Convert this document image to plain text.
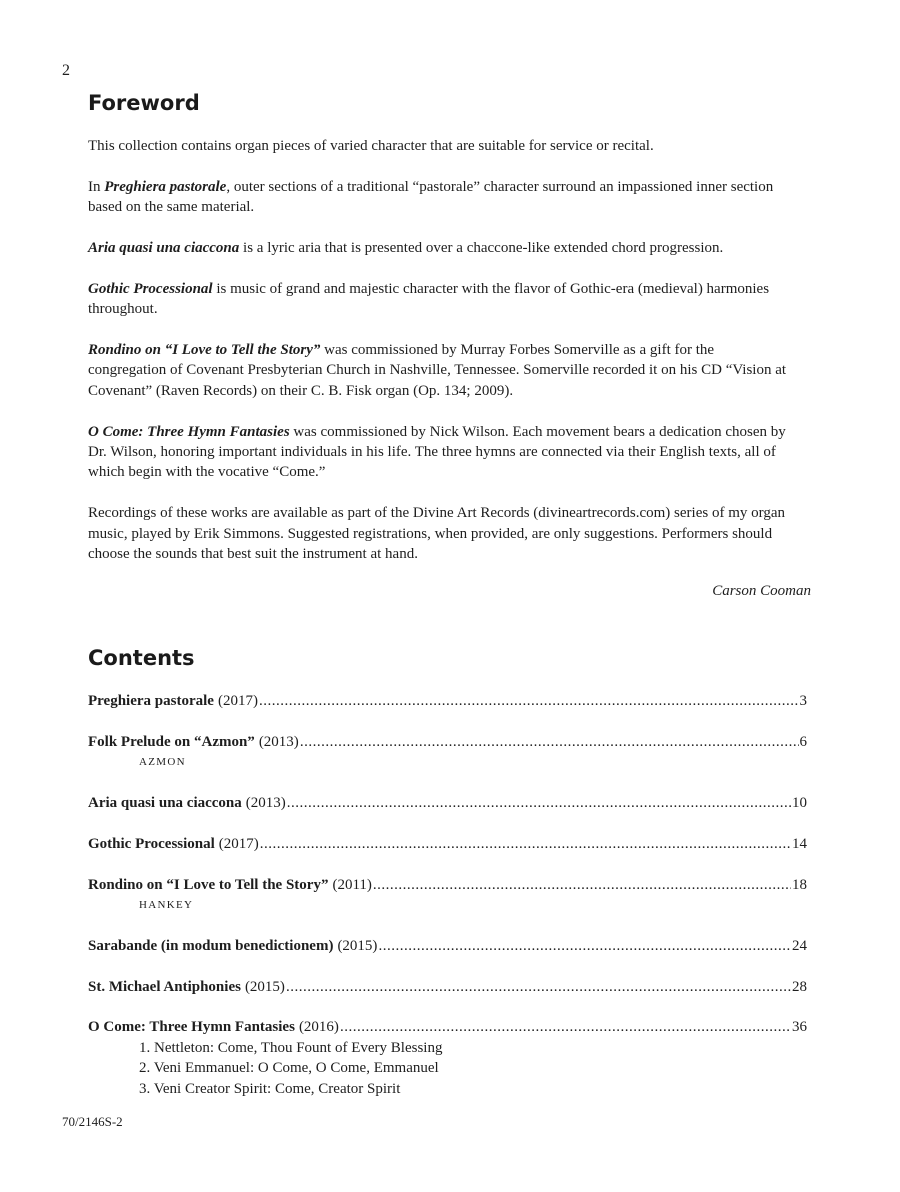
2
Foreword

This collection contains organ pieces of varied character that are suitable for service or recital.

In Preghiera pastorale, outer sections of a traditional “pastorale” character surround an impassioned inner section based on the same material.

Aria quasi una ciaccona is a lyric aria that is presented over a chaccone-like extended chord progression.

Gothic Processional is music of grand and majestic character with the flavor of Gothic-era (medieval) harmonies throughout.

Rondino on “I Love to Tell the Story” was commissioned by Murray Forbes Somerville as a gift for the congregation of Covenant Presbyterian Church in Nashville, Tennessee. Somerville recorded it on his CD “Vision at Covenant” (Raven Records) on their C. B. Fisk organ (Op. 134; 2009).

O Come: Three Hymn Fantasies was commissioned by Nick Wilson. Each movement bears a dedication chosen by Dr. Wilson, honoring important individuals in his life. The three hymns are connected via their English texts, all of which begin with the vocative “Come.”

Recordings of these works are available as part of the Divine Art Records (divineartrecords.com) series of my organ music, played by Erik Simmons. Suggested registrations, when provided, are only suggestions. Performers should choose the sounds that best suit the instrument at hand.

Carson Cooman
Contents
Preghiera pastorale (2017) .....	3
Folk Prelude on “Azmon” (2013) .....	6
AZMON
Aria quasi una ciaccona (2013) .....	10
Gothic Processional (2017) .....	14
Rondino on “I Love to Tell the Story” (2011) .....	18
HANKEY
Sarabande (in modum benedictionem) (2015) .....	24
St. Michael Antiphonies (2015) .....	28
O Come: Three Hymn Fantasies (2016) .....	36
1. Nettleton: Come, Thou Fount of Every Blessing
2. Veni Emmanuel: O Come, O Come, Emmanuel
3. Veni Creator Spirit: Come, Creator Spirit
70/2146S-2
